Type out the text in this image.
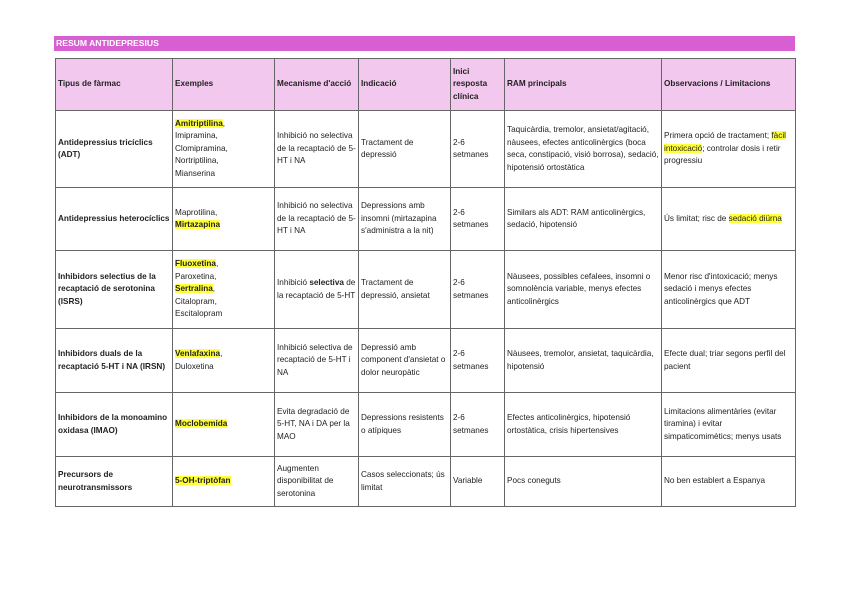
RESUM ANTIDEPRESIUS
Tipus de fàrmac	Exemples	Mecanisme d'acció	Indicació	Inici resposta clínica	RAM principals	Observacions / Limitacions
Antidepressius tricíclics (ADT)	Amitriptilina,
Imipramina,
Clomipramina,
Nortriptilina,
Mianserina	Inhibició no selectiva de la recaptació de 5-HT i NA	Tractament de depressió	2-6 setmanes	Taquicàrdia, tremolor, ansietat/agitació, nàusees, efectes anticolinèrgics (boca seca, constipació, visió borrosa), sedació, hipotensió ortostàtica	Primera opció de tractament; fàcil intoxicació; controlar dosis i retir progressiu
Antidepressius heterocíclics	Maprotilina,
Mirtazapina	Inhibició no selectiva de la recaptació de 5-HT i NA	Depressions amb insomni (mirtazapina s'administra a la nit)	2-6 setmanes	Similars als ADT: RAM anticolinèrgics, sedació, hipotensió	Ús limitat; risc de sedació diürna
Inhibidors selectius de la recaptació de serotonina (ISRS)	Fluoxetina,
Paroxetina,
Sertralina,
Citalopram,
Escitalopram	Inhibició selectiva de la recaptació de 5-HT	Tractament de depressió, ansietat	2-6 setmanes	Nàusees, possibles cefalees, insomni o somnolència variable, menys efectes anticolinèrgics	Menor risc d'intoxicació; menys sedació i menys efectes anticolinèrgics que ADT
Inhibidors duals de la recaptació 5-HT i NA (IRSN)	Venlafaxina,
Duloxetina	Inhibició selectiva de recaptació de 5-HT i NA	Depressió amb component d'ansietat o dolor neuropàtic	2-6 setmanes	Nàusees, tremolor, ansietat, taquicàrdia, hipotensió	Efecte dual; triar segons perfil del pacient
Inhibidors de la monoamino oxidasa (IMAO)	Moclobemida	Evita degradació de 5-HT, NA i DA per la MAO	Depressions resistents o atípiques	2-6 setmanes	Efectes anticolinèrgics, hipotensió ortostàtica, crisis hipertensives	Limitacions alimentàries (evitar tiramina) i evitar simpaticomimètics; menys usats
Precursors de neurotransmissors	5-OH-triptòfan	Augmenten disponibilitat de serotonina	Casos seleccionats; ús limitat	Variable	Pocs coneguts	No ben establert a Espanya
